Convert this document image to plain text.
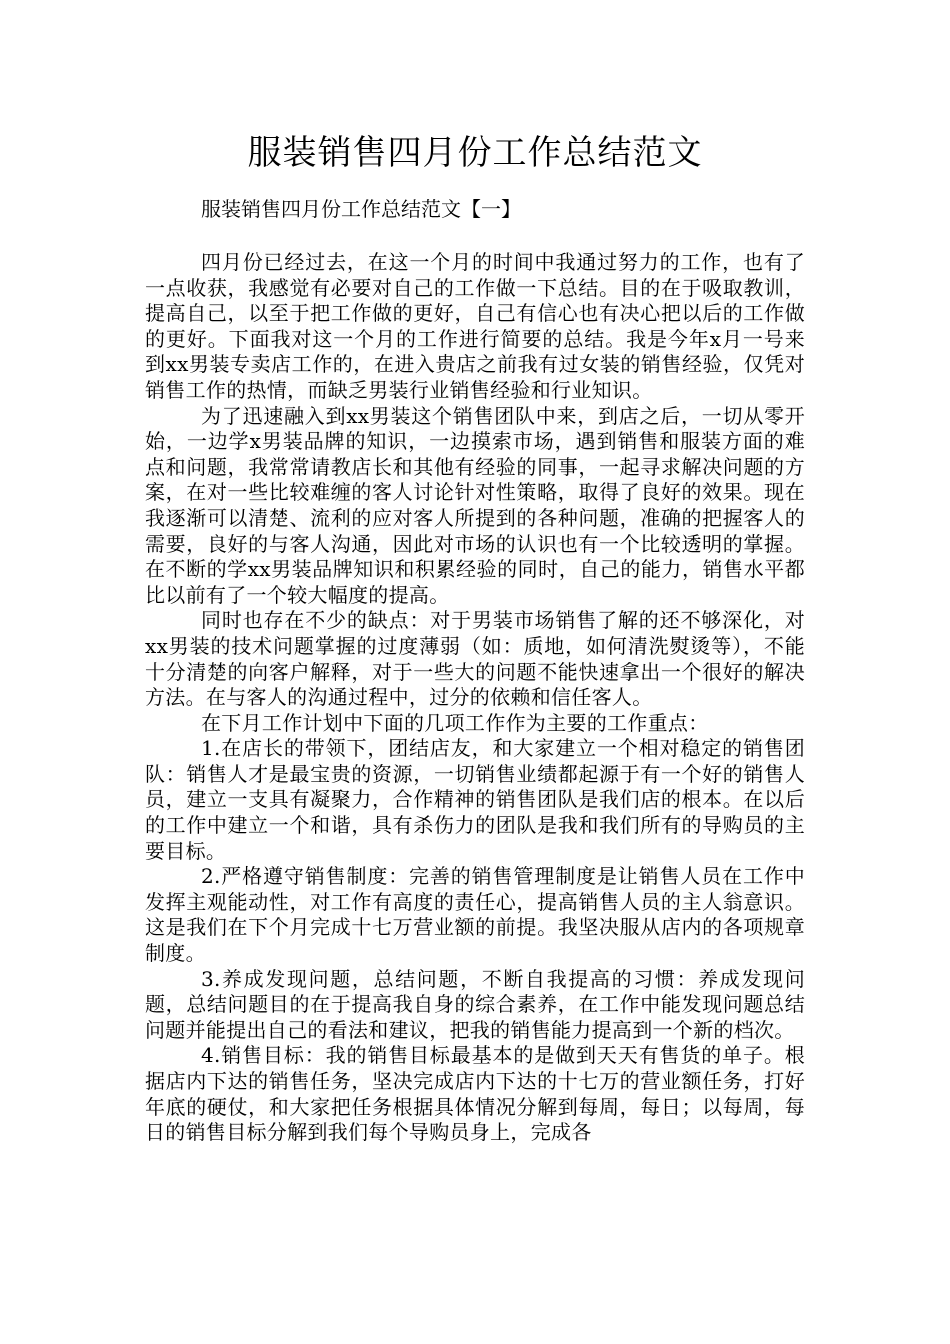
服装销售四月份工作总结范文

服装销售四月份工作总结范文【一】

四月份已经过去，在这一个月的时间中我通过努力的工作，也有了一点收获，我感觉有必要对自己的工作做一下总结。目的在于吸取教训，提高自己，以至于把工作做的更好，自己有信心也有决心把以后的工作做的更好。下面我对这一个月的工作进行简要的总结。我是今年x月一号来到xx男装专卖店工作的，在进入贵店之前我有过女装的销售经验，仅凭对销售工作的热情，而缺乏男装行业销售经验和行业知识。

为了迅速融入到xx男装这个销售团队中来，到店之后，一切从零开始，一边学x男装品牌的知识，一边摸索市场，遇到销售和服装方面的难点和问题，我常常请教店长和其他有经验的同事，一起寻求解决问题的方案，在对一些比较难缠的客人讨论针对性策略，取得了良好的效果。现在我逐渐可以清楚、流利的应对客人所提到的各种问题，准确的把握客人的需要，良好的与客人沟通，因此对市场的认识也有一个比较透明的掌握。在不断的学xx男装品牌知识和积累经验的同时，自己的能力，销售水平都比以前有了一个较大幅度的提高。

同时也存在不少的缺点：对于男装市场销售了解的还不够深化，对xx男装的技术问题掌握的过度薄弱（如：质地，如何清洗熨烫等），不能十分清楚的向客户解释，对于一些大的问题不能快速拿出一个很好的解决方法。在与客人的沟通过程中，过分的依赖和信任客人。

在下月工作计划中下面的几项工作作为主要的工作重点：

1.在店长的带领下，团结店友，和大家建立一个相对稳定的销售团队：销售人才是最宝贵的资源，一切销售业绩都起源于有一个好的销售人员，建立一支具有凝聚力，合作精神的销售团队是我们店的根本。在以后的工作中建立一个和谐，具有杀伤力的团队是我和我们所有的导购员的主要目标。

2.严格遵守销售制度：完善的销售管理制度是让销售人员在工作中发挥主观能动性，对工作有高度的责任心，提高销售人员的主人翁意识。这是我们在下个月完成十七万营业额的前提。我坚决服从店内的各项规章制度。

3.养成发现问题，总结问题，不断自我提高的习惯：养成发现问题，总结问题目的在于提高我自身的综合素养，在工作中能发现问题总结问题并能提出自己的看法和建议，把我的销售能力提高到一个新的档次。

4.销售目标：我的销售目标最基本的是做到天天有售货的单子。根据店内下达的销售任务，坚决完成店内下达的十七万的营业额任务，打好年底的硬仗，和大家把任务根据具体情况分解到每周，每日；以每周，每日的销售目标分解到我们每个导购员身上，完成各
